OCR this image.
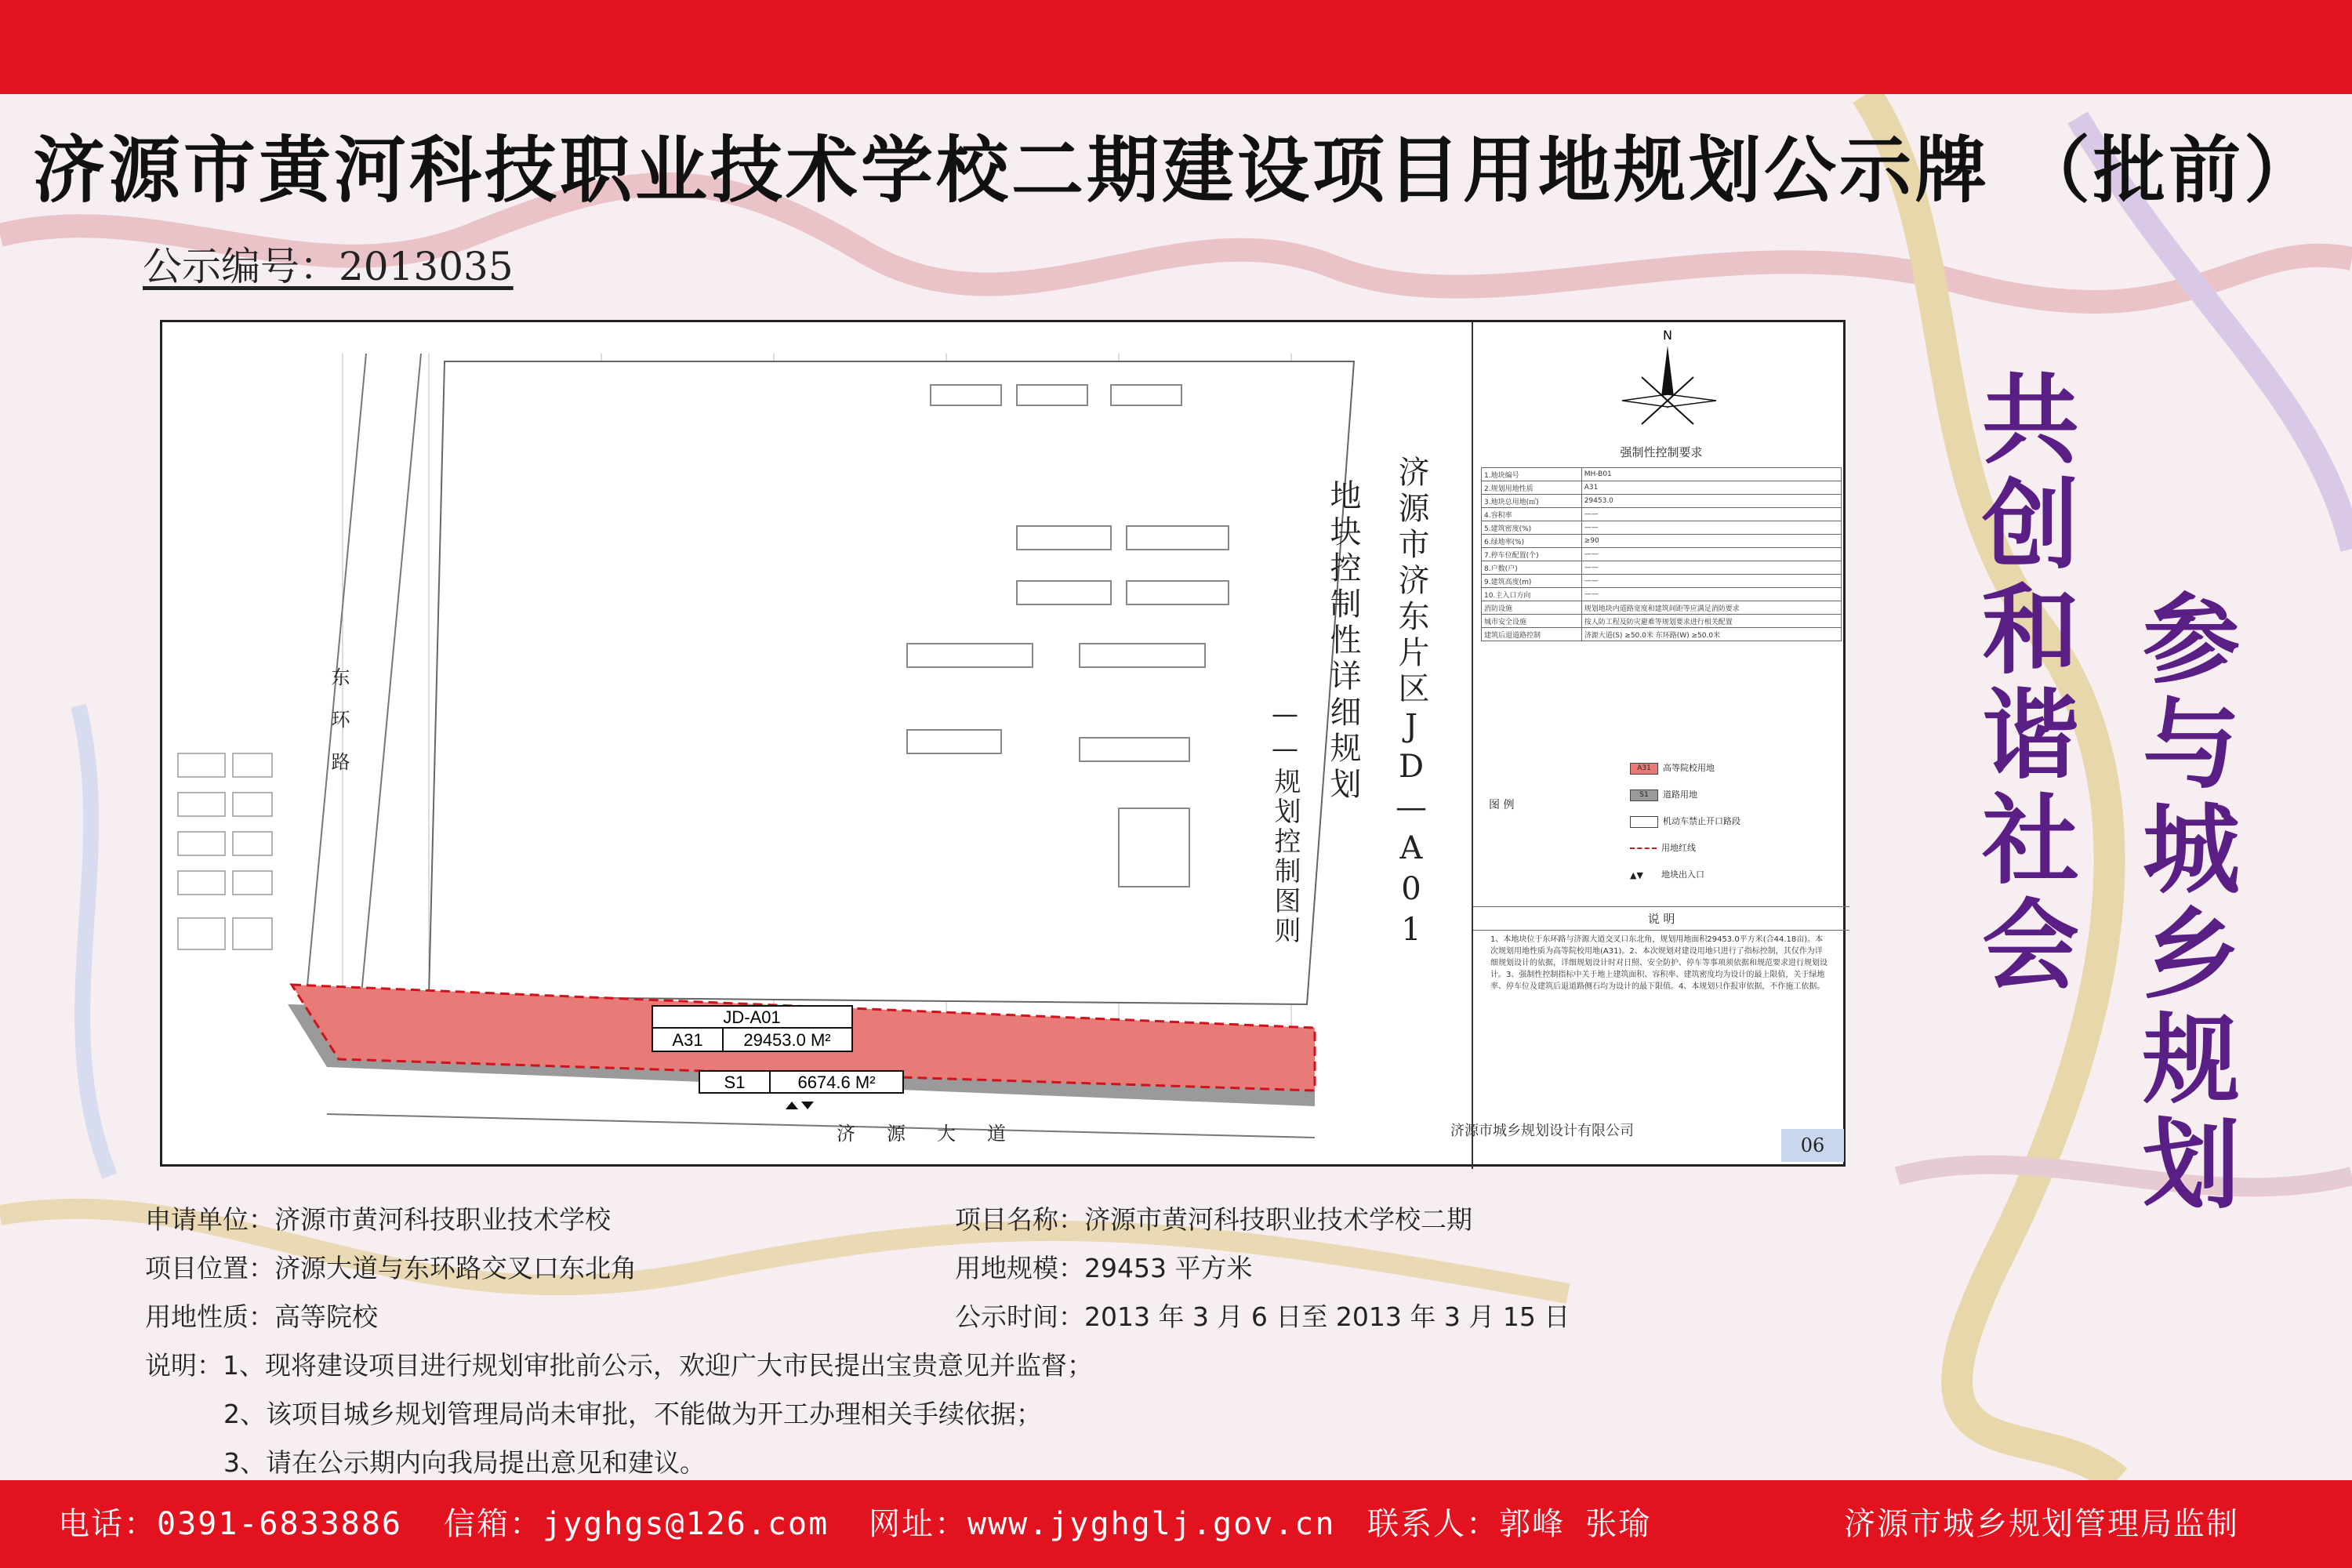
济源市黄河科技职业技术学校二期建设项目用地规划公示牌 （批前）
公示编号：2013035
JD-A01
A31 29453.0 M²
S1	6674.6 M²
东环路
济源大道
济源市济东片区JD—A01
地块控制性详细规划
——规划控制图则
N
强制性控制要求
1.地块编号	MH-B01
2.规划用地性质	A31
3.地块总用地(㎡)	29453.0
4.容积率	——
5.建筑密度(%)	——
6.绿地率(%)	≥90
7.停车位配置(个)	——
8.户数(户)	——
9.建筑高度(m)	——
10.主入口方向	——
消防设施	规划地块内道路宽度和建筑间距等应满足消防要求
城市安全设施	按人防工程及防灾避难等规划要求进行相关配置
建筑后退道路控制	济源大道(S) ≥50.0米 东环路(W) ≥50.0米
图 例
A31 高等院校用地
S1 道路用地
机动车禁止开口路段
用地红线
▲▼ 地块出入口
说 明
1、本地块位于东环路与济源大道交叉口东北角，规划用地面积29453.0平方米(合44.18亩)。本次规划用地性质为高等院校用地(A31)。2、本次规划对建设用地只进行了指标控制，其仅作为详细规划设计的依据，详细规划设计时对日照、安全防护、停车等事项须依据和规范要求进行规划设计。3、强制性控制指标中关于地上建筑面积、容积率、建筑密度均为设计的最上限值，关于绿地率、停车位及建筑后退道路侧石均为设计的最下限值。4、本规划只作报审依据，不作施工依据。
济源市城乡规划设计有限公司
06
申请单位：济源市黄河科技职业技术学校	项目名称：济源市黄河科技职业技术学校二期
项目位置：济源大道与东环路交叉口东北角	用地规模：29453 平方米
用地性质：高等院校	公示时间：2013 年 3 月 6 日至 2013 年 3 月 15 日
说明：1、现将建设项目进行规划审批前公示，欢迎广大市民提出宝贵意见并监督；
2、该项目城乡规划管理局尚未审批，不能做为开工办理相关手续依据；
3、请在公示期内向我局提出意见和建议。
共创和谐社会 参与城乡规划
电话：0391-6833886 信箱：jyghgs@126.com 网址：www.jyghglj.gov.cn 联系人：郭峰 张瑜	济源市城乡规划管理局监制
